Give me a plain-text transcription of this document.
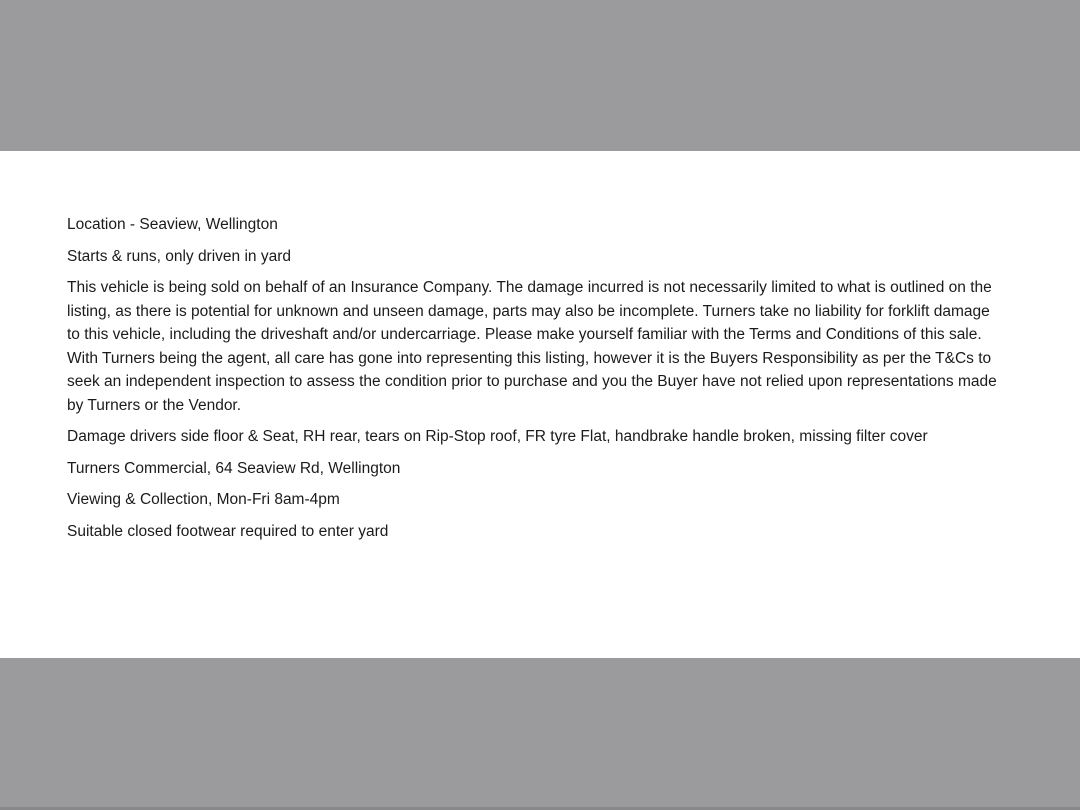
Location - Seaview, Wellington

Starts & runs, only driven in yard

This vehicle is being sold on behalf of an Insurance Company. The damage incurred is not necessarily limited to what is outlined on the listing, as there is potential for unknown and unseen damage, parts may also be incomplete. Turners take no liability for forklift damage to this vehicle, including the driveshaft and/or undercarriage. Please make yourself familiar with the Terms and Conditions of this sale. With Turners being the agent, all care has gone into representing this listing, however it is the Buyers Responsibility as per the T&Cs to seek an independent inspection to assess the condition prior to purchase and you the Buyer have not relied upon representations made by Turners or the Vendor.

Damage drivers side floor & Seat, RH rear, tears on Rip-Stop roof, FR tyre Flat, handbrake handle broken, missing filter cover

Turners Commercial, 64 Seaview Rd, Wellington

Viewing & Collection, Mon-Fri 8am-4pm

Suitable closed footwear required to enter yard
